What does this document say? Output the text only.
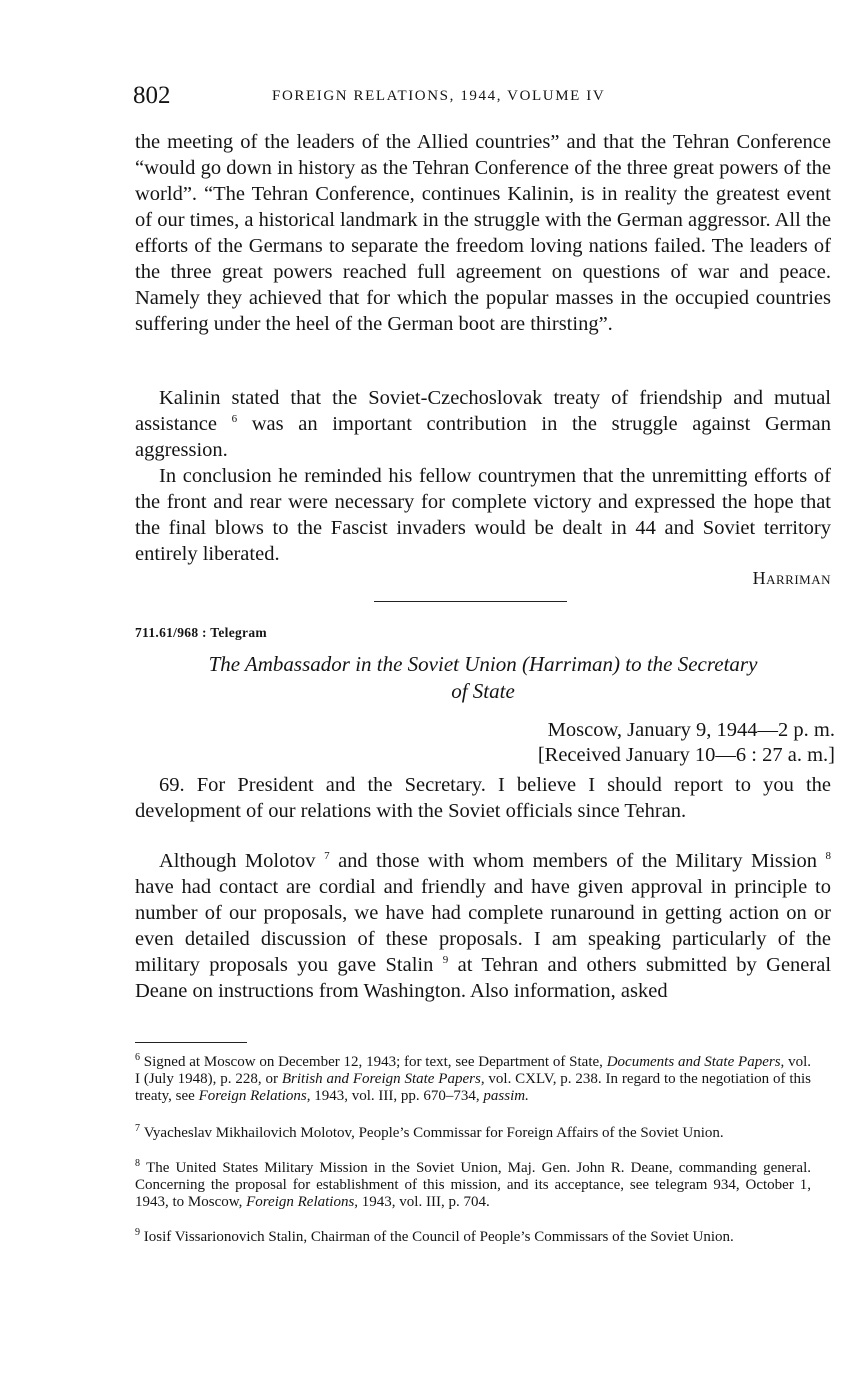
802	FOREIGN RELATIONS, 1944, VOLUME IV

the meeting of the leaders of the Allied countries” and that the Tehran Conference “would go down in history as the Tehran Conference of the three great powers of the world”. “The Tehran Conference, continues Kalinin, is in reality the greatest event of our times, a historical landmark in the struggle with the German aggressor. All the efforts of the Germans to separate the freedom loving nations failed. The leaders of the three great powers reached full agreement on questions of war and peace. Namely they achieved that for which the popular masses in the occupied countries suffering under the heel of the German boot are thirsting”.

Kalinin stated that the Soviet-Czechoslovak treaty of friendship and mutual assistance $^6$ was an important contribution in the struggle against German aggression.

In conclusion he reminded his fellow countrymen that the unremitting efforts of the front and rear were necessary for complete victory and expressed the hope that the final blows to the Fascist invaders would be dealt in 44 and Soviet territory entirely liberated.

Harriman
711.61/968 : Telegram
The Ambassador in the Soviet Union (Harriman) to the Secretary
of State
Moscow, January 9, 1944—2 p. m.
[Received January 10—6 : 27 a. m.]

69. For President and the Secretary. I believe I should report to you the development of our relations with the Soviet officials since Tehran.

Although Molotov $^7$ and those with whom members of the Military Mission $^8$ have had contact are cordial and friendly and have given approval in principle to number of our proposals, we have had complete runaround in getting action on or even detailed discussion of these proposals. I am speaking particularly of the military proposals you gave Stalin $^9$ at Tehran and others submitted by General Deane on instructions from Washington. Also information, asked

$^6$ Signed at Moscow on December 12, 1943; for text, see Department of State, Documents and State Papers, vol. I (July 1948), p. 228, or British and Foreign State Papers, vol. CXLV, p. 238. In regard to the negotiation of this treaty, see Foreign Relations, 1943, vol. III, pp. 670–734, passim.

$^7$ Vyacheslav Mikhailovich Molotov, People’s Commissar for Foreign Affairs of the Soviet Union.

$^8$ The United States Military Mission in the Soviet Union, Maj. Gen. John R. Deane, commanding general. Concerning the proposal for establishment of this mission, and its acceptance, see telegram 934, October 1, 1943, to Moscow, Foreign Relations, 1943, vol. III, p. 704.

$^9$ Iosif Vissarionovich Stalin, Chairman of the Council of People’s Commissars of the Soviet Union.
